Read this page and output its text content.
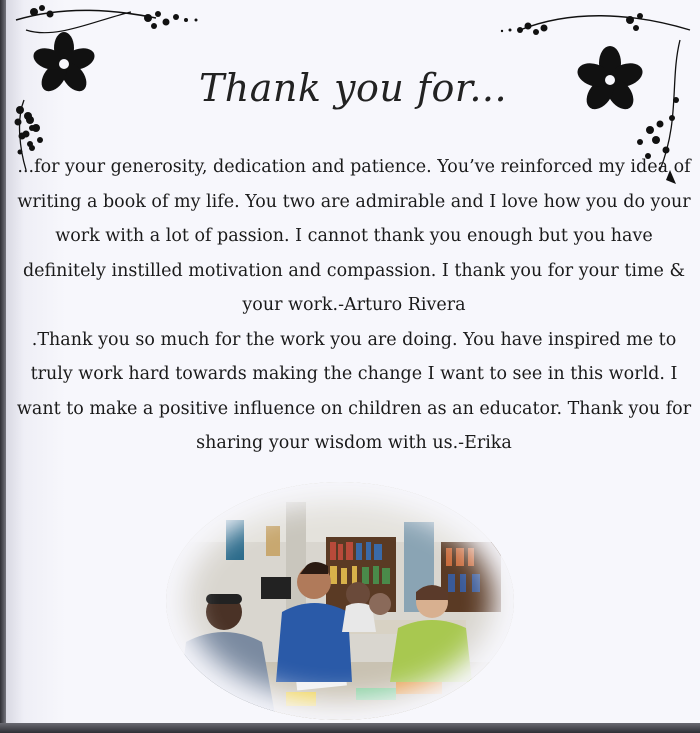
Thank you for...

...for your generosity, dedication and patience. You’ve reinforced my idea of writing a book of my life. You two are admirable and I love how you do your work with a lot of passion. I cannot thank you enough but you have definitely instilled motivation and compassion. I thank you for your time & your work.-Arturo Rivera

.Thank you so much for the work you are doing. You have inspired me to truly work hard towards making the change I want to see in this world. I want to make a positive influence on children as an educator. Thank you for sharing your wisdom with us.-Erika
